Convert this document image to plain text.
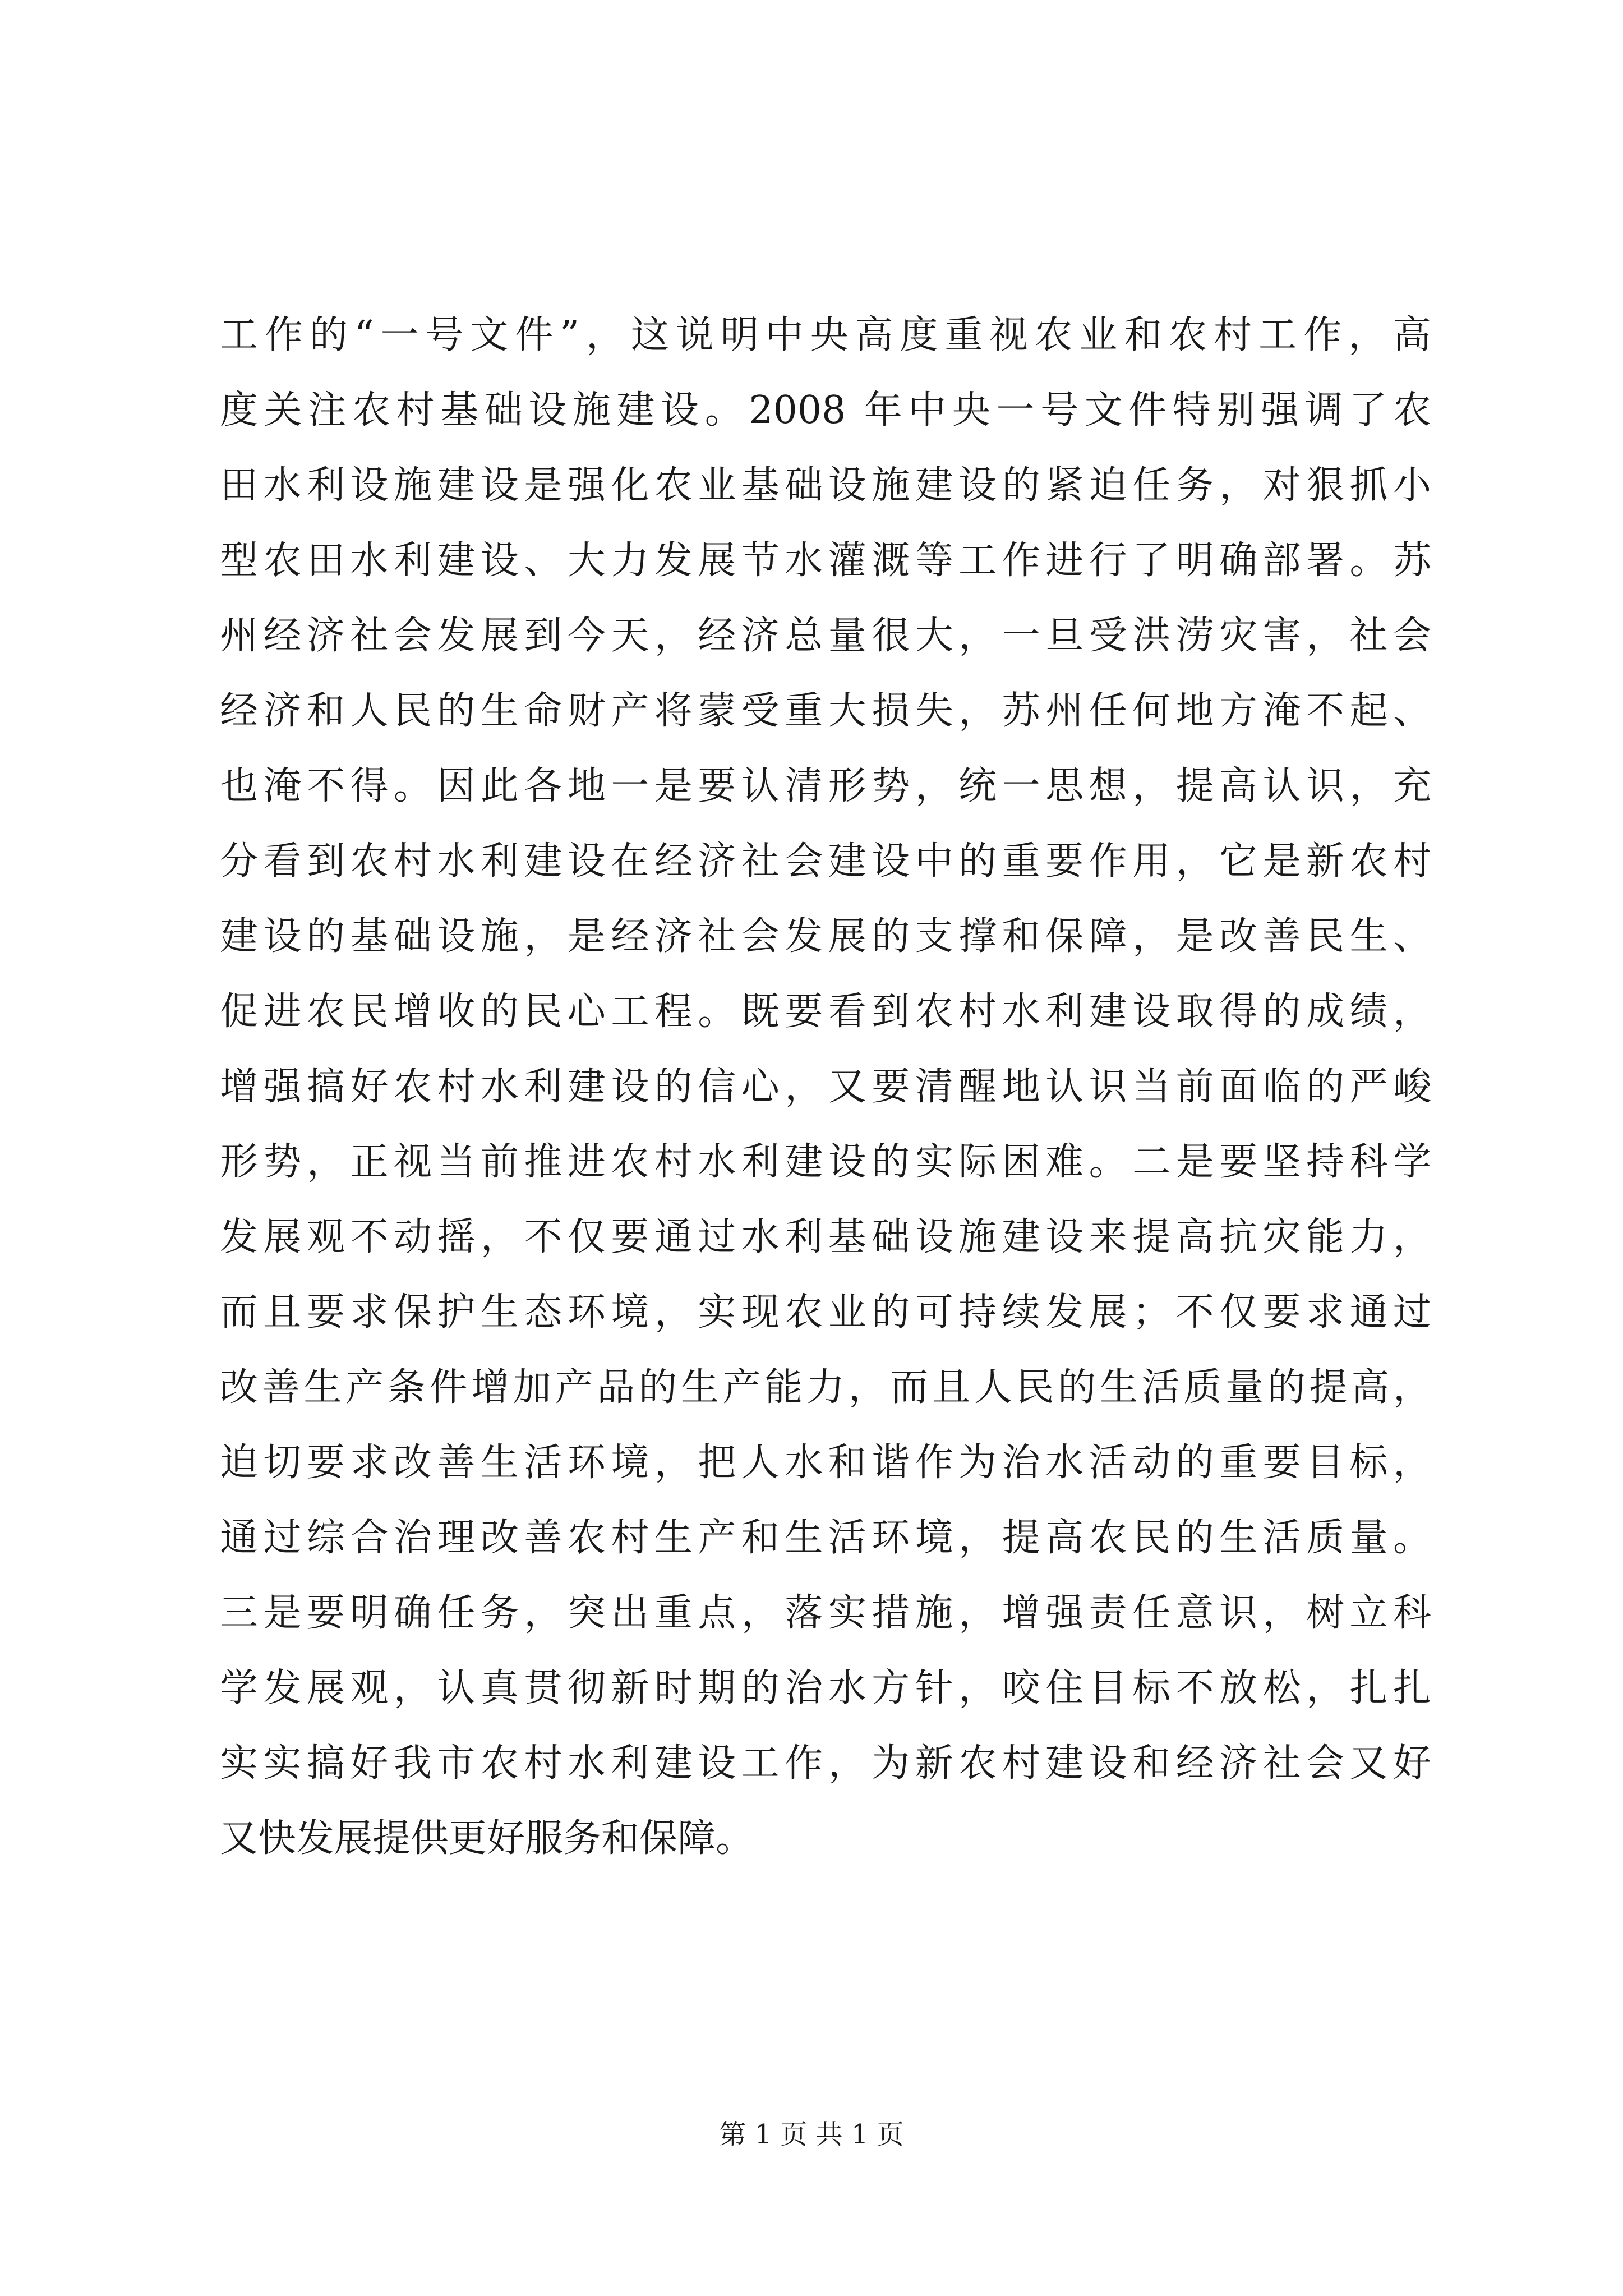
工作的“一号文件”，这说明中央高度重视农业和农村工作，高
度关注农村基础设施建设。2008 年中央一号文件特别强调了农
田水利设施建设是强化农业基础设施建设的紧迫任务，对狠抓小
型农田水利建设、大力发展节水灌溉等工作进行了明确部署。苏
州经济社会发展到今天，经济总量很大，一旦受洪涝灾害，社会
经济和人民的生命财产将蒙受重大损失，苏州任何地方淹不起、
也淹不得。因此各地一是要认清形势，统一思想，提高认识，充
分看到农村水利建设在经济社会建设中的重要作用，它是新农村
建设的基础设施，是经济社会发展的支撑和保障，是改善民生、
促进农民增收的民心工程。既要看到农村水利建设取得的成绩，
增强搞好农村水利建设的信心，又要清醒地认识当前面临的严峻
形势，正视当前推进农村水利建设的实际困难。二是要坚持科学
发展观不动摇，不仅要通过水利基础设施建设来提高抗灾能力，
而且要求保护生态环境，实现农业的可持续发展；不仅要求通过
改善生产条件增加产品的生产能力，而且人民的生活质量的提高，
迫切要求改善生活环境，把人水和谐作为治水活动的重要目标，
通过综合治理改善农村生产和生活环境，提高农民的生活质量。
三是要明确任务，突出重点，落实措施，增强责任意识，树立科
学发展观，认真贯彻新时期的治水方针，咬住目标不放松，扎扎
实实搞好我市农村水利建设工作，为新农村建设和经济社会又好
又快发展提供更好服务和保障。
第 1 页 共 1 页
